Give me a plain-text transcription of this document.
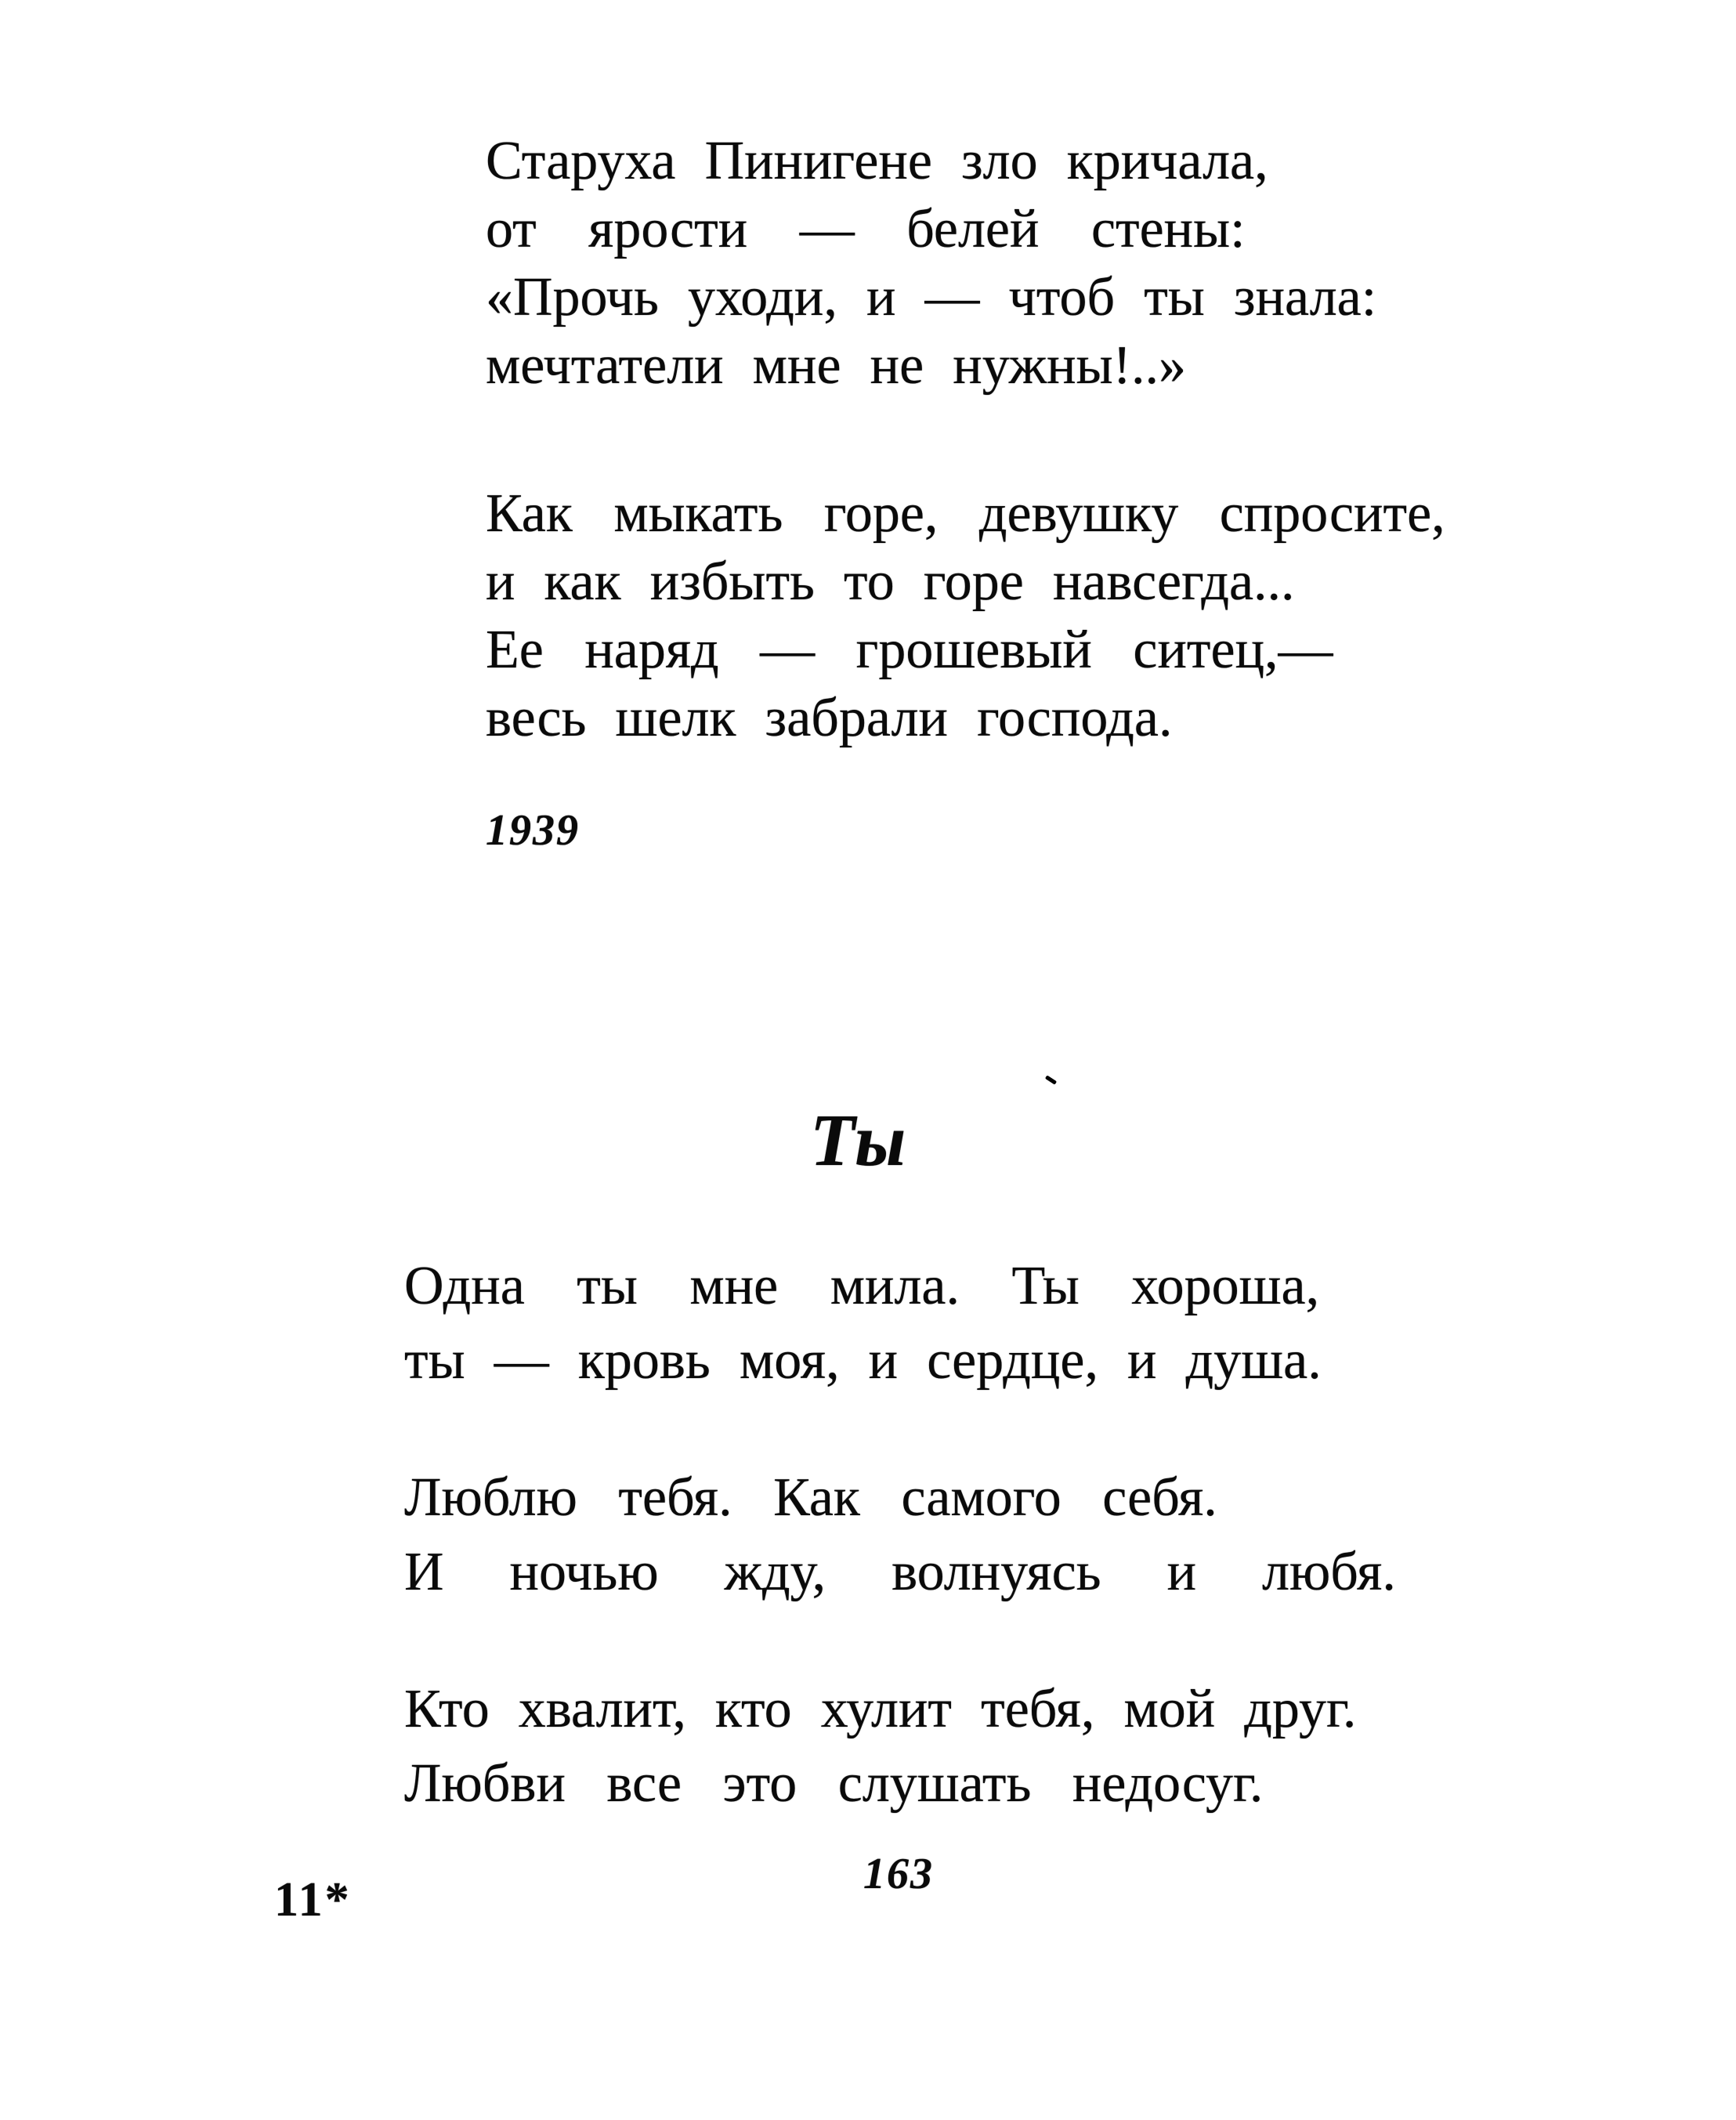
Старуха Пинигене зло кричала,
от ярости — белей стены:
«Прочь уходи, и — чтоб ты знала:
мечтатели мне не нужны!..»
Как мыкать горе, девушку спросите,
и как избыть то горе навсегда...
Ее наряд — грошевый ситец,—
весь шелк забрали господа.
1939
Ты
Одна ты мне мила. Ты хороша,
ты — кровь моя, и сердце, и душа.
Люблю тебя. Как самого себя.
И ночью жду, волнуясь и любя.
Кто хвалит, кто хулит тебя, мой друг.
Любви все это слушать недосуг.
163
11*
